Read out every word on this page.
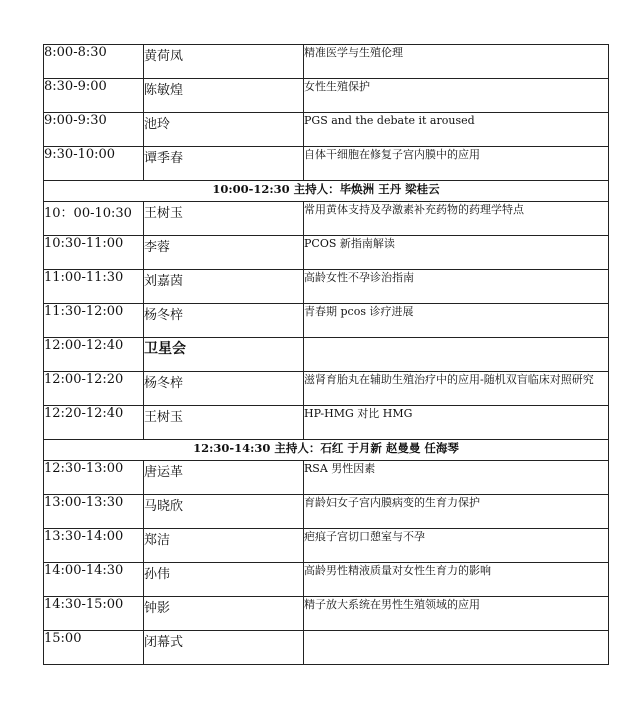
8:00-8:30	黄荷凤	精准医学与生殖伦理
8:30-9:00	陈敏煌	女性生殖保护
9:00-9:30	池玲	PGS and the debate it aroused
9:30-10:00	谭季春	自体干细胞在修复子宫内膜中的应用
10:00-12:30 主持人：毕焕洲 王丹 梁桂云		
10：00-10:30	王树玉	常用黄体支持及孕激素补充药物的药理学特点
10:30-11:00	李蓉	PCOS 新指南解读
11:00-11:30	刘嘉茵	高龄女性不孕诊治指南
11:30-12:00	杨冬梓	青春期 pcos 诊疗进展
12:00-12:40	卫星会	
12:00-12:20	杨冬梓	滋肾育胎丸在辅助生殖治疗中的应用-随机双盲临床对照研究
12:20-12:40	王树玉	HP-HMG 对比 HMG
12:30-14:30 主持人：石红 于月新 赵曼曼 任海琴		
12:30-13:00	唐运革	RSA 男性因素
13:00-13:30	马晓欣	育龄妇女子宫内膜病变的生育力保护
13:30-14:00	郑洁	疤痕子宫切口憩室与不孕
14:00-14:30	孙伟	高龄男性精液质量对女性生育力的影响
14:30-15:00	钟影	精子放大系统在男性生殖领域的应用
15:00	闭幕式	
